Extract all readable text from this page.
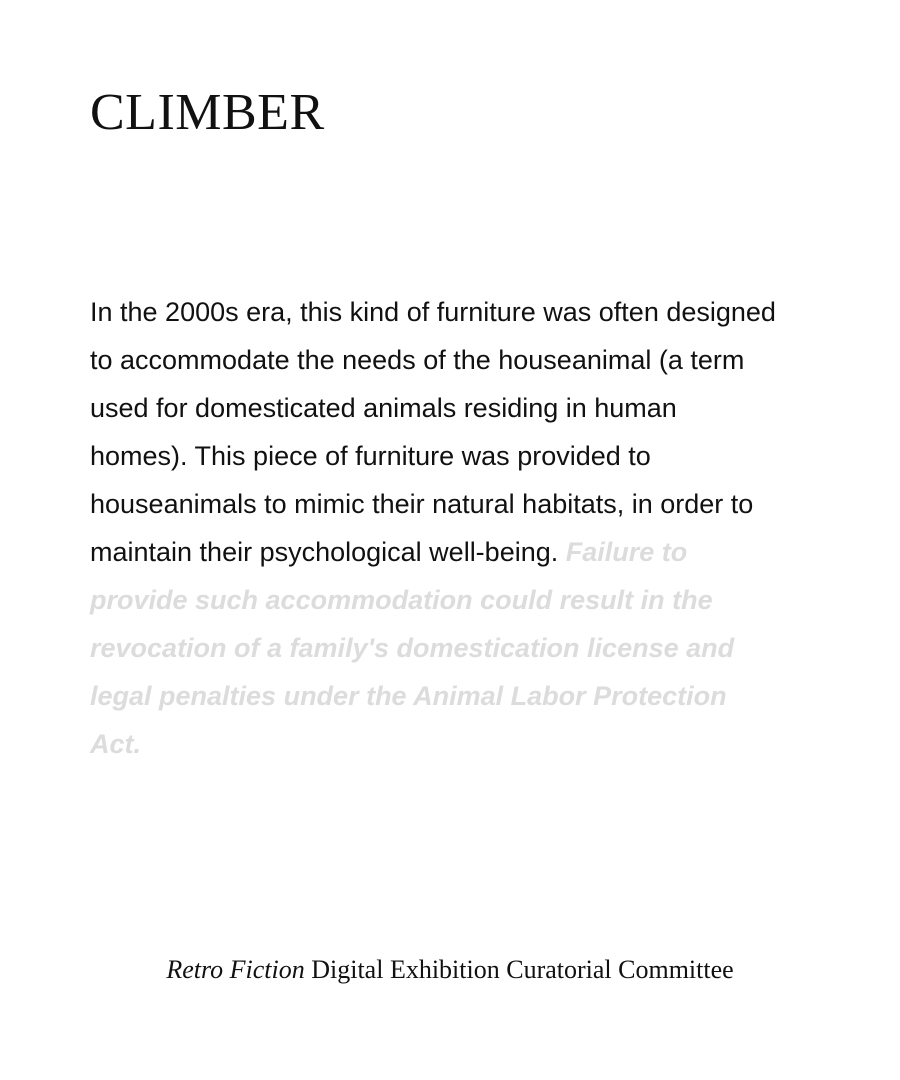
CLIMBER

In the 2000s era, this kind of furniture was often designed to accommodate the needs of the houseanimal (a term used for domesticated animals residing in human homes). This piece of furniture was provided to houseanimals to mimic their natural habitats, in order to maintain their psychological well-being. Failure to provide such accommodation could result in the revocation of a family's domestication license and legal penalties under the Animal Labor Protection Act.

Retro Fiction Digital Exhibition Curatorial Committee
